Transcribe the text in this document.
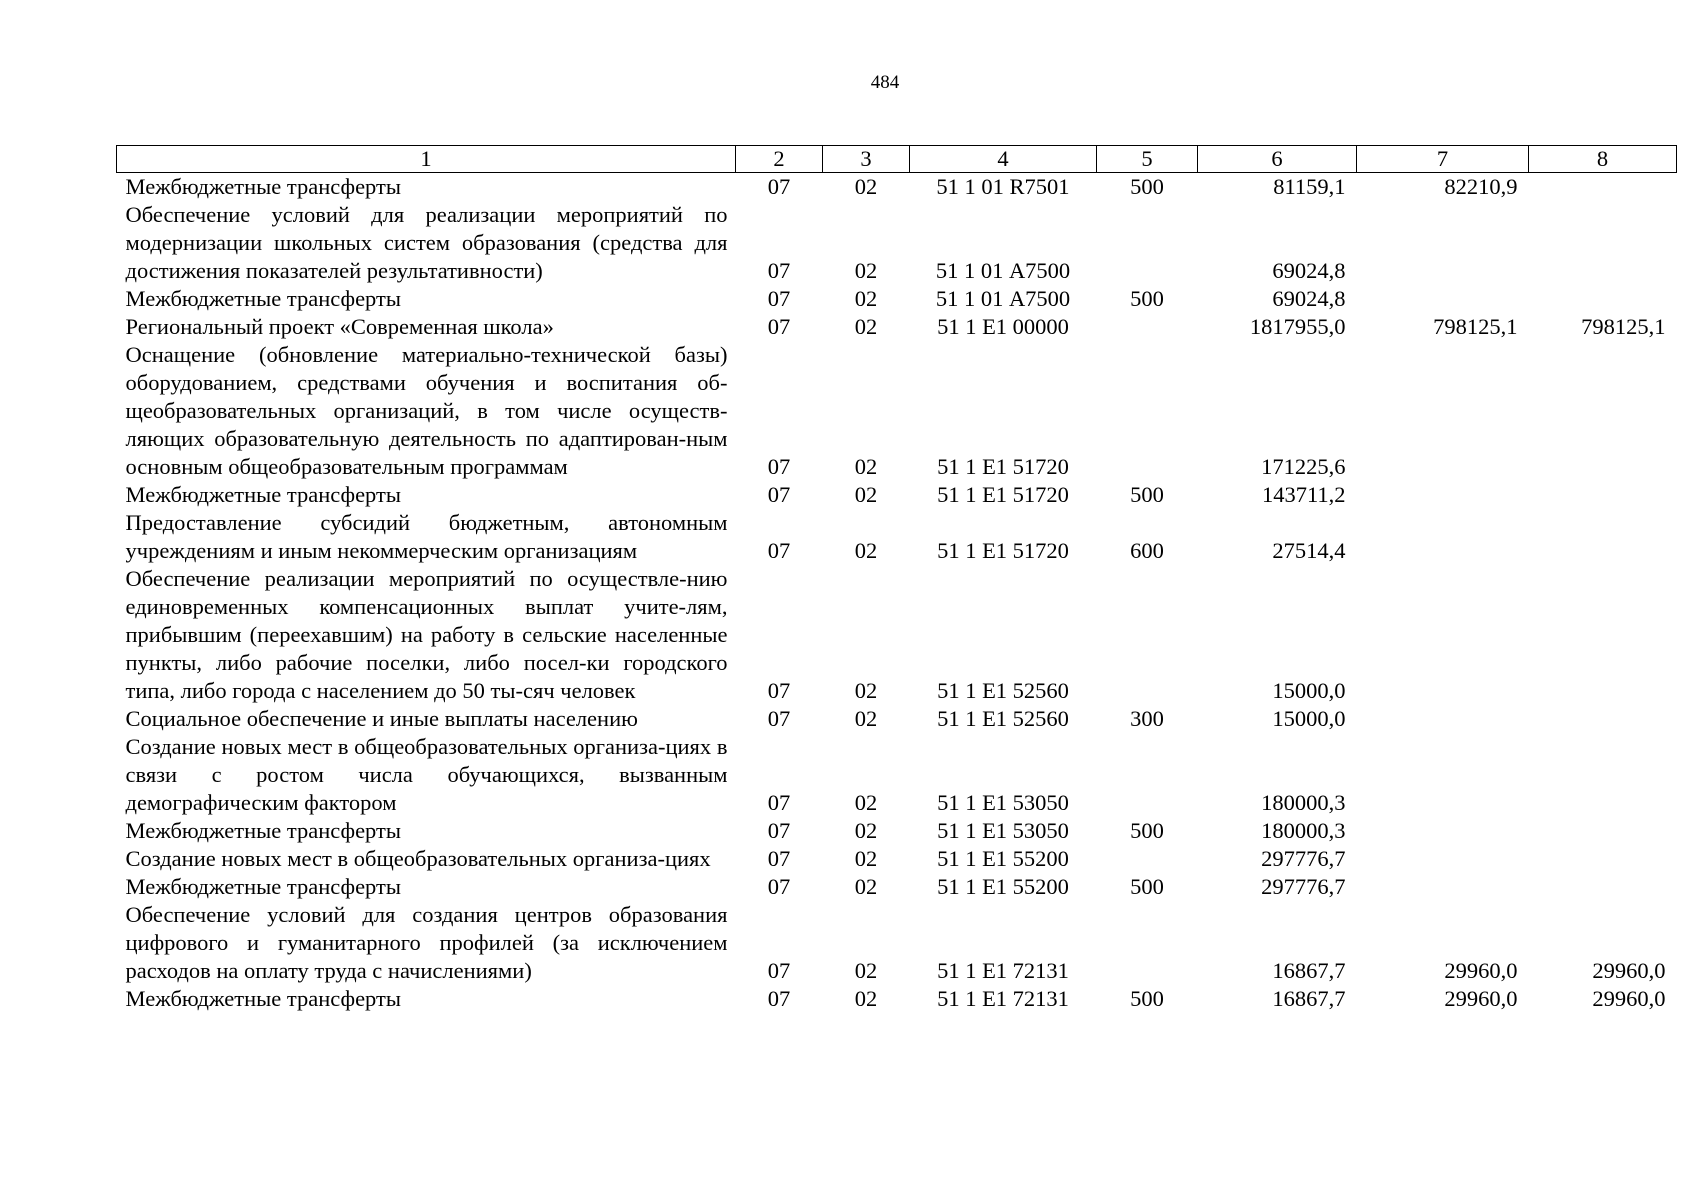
484
1	2	3	4	5	6	7	8
Межбюджетные трансферты	07	02	51 1 01 R7501	500	81159,1	82210,9	
Обеспечение условий для реализации мероприятий по модернизации школьных систем образования (средства для достижения показателей результативности)	07	02	51 1 01 А7500		69024,8		
Межбюджетные трансферты	07	02	51 1 01 А7500	500	69024,8		
Региональный проект «Современная школа»	07	02	51 1 Е1 00000		1817955,0	798125,1	798125,1
Оснащение (обновление материально-технической базы) оборудованием, средствами обучения и воспитания об-щеобразовательных организаций, в том числе осуществ-ляющих образовательную деятельность по адаптирован-ным основным общеобразовательным программам	07	02	51 1 Е1 51720		171225,6		
Межбюджетные трансферты	07	02	51 1 Е1 51720	500	143711,2		
Предоставление субсидий бюджетным, автономным учреждениям и иным некоммерческим организациям	07	02	51 1 Е1 51720	600	27514,4		
Обеспечение реализации мероприятий по осуществле-нию единовременных компенсационных выплат учите-лям, прибывшим (переехавшим) на работу в сельские населенные пункты, либо рабочие поселки, либо посел-ки городского типа, либо города с населением до 50 ты-сяч человек	07	02	51 1 Е1 52560		15000,0		
Социальное обеспечение и иные выплаты населению	07	02	51 1 Е1 52560	300	15000,0		
Создание новых мест в общеобразовательных организа-циях в связи с ростом числа обучающихся, вызванным демографическим фактором	07	02	51 1 Е1 53050		180000,3		
Межбюджетные трансферты	07	02	51 1 Е1 53050	500	180000,3		
Создание новых мест в общеобразовательных организа-циях	07	02	51 1 Е1 55200		297776,7		
Межбюджетные трансферты	07	02	51 1 Е1 55200	500	297776,7		
Обеспечение условий для создания центров образования цифрового и гуманитарного профилей (за исключением расходов на оплату труда с начислениями)	07	02	51 1 Е1 72131		16867,7	29960,0	29960,0
Межбюджетные трансферты	07	02	51 1 Е1 72131	500	16867,7	29960,0	29960,0
